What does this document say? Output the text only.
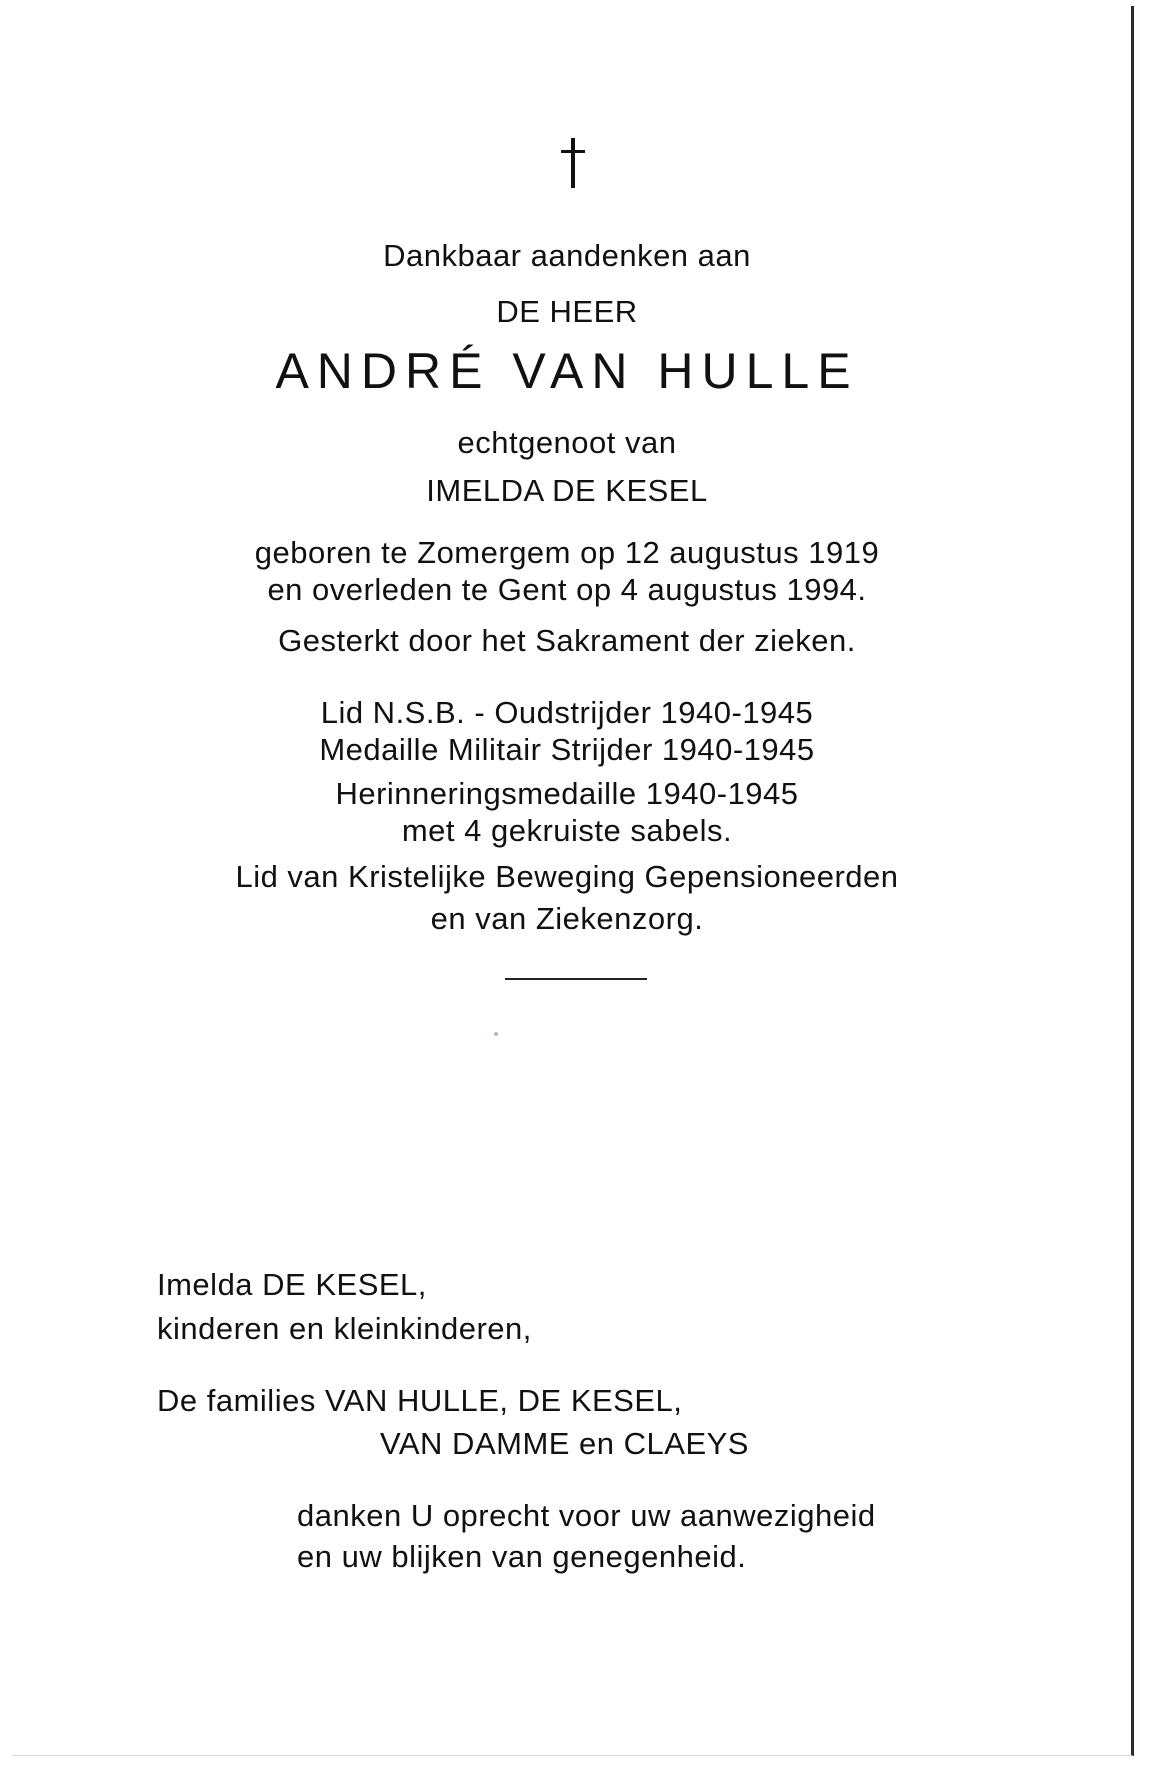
Dankbaar aandenken aan
DE HEER
ANDRÉ VAN HULLE
echtgenoot van
IMELDA DE KESEL
geboren te Zomergem op 12 augustus 1919
en overleden te Gent op 4 augustus 1994.
Gesterkt door het Sakrament der zieken.
Lid N.S.B. - Oudstrijder 1940-1945
Medaille Militair Strijder 1940-1945
Herinneringsmedaille 1940-1945
met 4 gekruiste sabels.
Lid van Kristelijke Beweging Gepensioneerden
en van Ziekenzorg.
Imelda DE KESEL,
kinderen en kleinkinderen,
De families VAN HULLE, DE KESEL,
VAN DAMME en CLAEYS
danken U oprecht voor uw aanwezigheid
en uw blijken van genegenheid.
